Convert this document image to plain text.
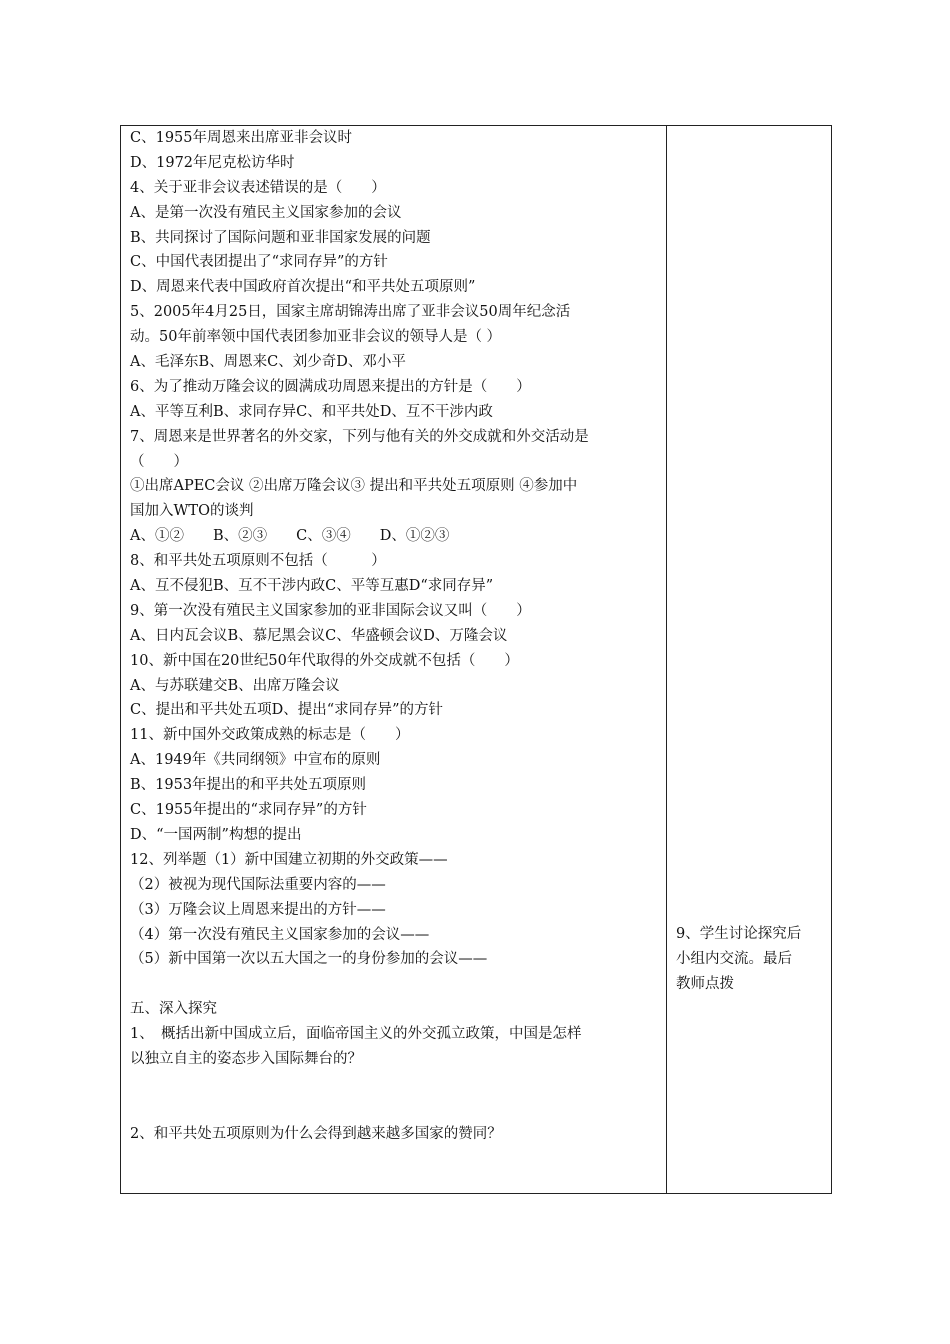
C、1955年周恩来出席亚非会议时
D、1972年尼克松访华时
4、关于亚非会议表述错误的是（　　）
A、是第一次没有殖民主义国家参加的会议
B、共同探讨了国际问题和亚非国家发展的问题
C、中国代表团提出了“求同存异”的方针
D、周恩来代表中国政府首次提出“和平共处五项原则”
5、2005年4月25日，国家主席胡锦涛出席了亚非会议50周年纪念活
动。50年前率领中国代表团参加亚非会议的领导人是（ ）
A、毛泽东B、周恩来C、刘少奇D、邓小平
6、为了推动万隆会议的圆满成功周恩来提出的方针是（　　）
A、平等互利B、求同存异C、和平共处D、互不干涉内政
7、周恩来是世界著名的外交家，下列与他有关的外交成就和外交活动是
（　　）
①出席APEC会议 ②出席万隆会议③ 提出和平共处五项原则 ④参加中
国加入WTO的谈判
A、①②　　B、②③　　C、③④　　D、①②③
8、和平共处五项原则不包括（　　　）
A、互不侵犯B、互不干涉内政C、平等互惠D“求同存异”
9、第一次没有殖民主义国家参加的亚非国际会议又叫（　　）
A、日内瓦会议B、慕尼黑会议C、华盛顿会议D、万隆会议
10、新中国在20世纪50年代取得的外交成就不包括（　　）
A、与苏联建交B、出席万隆会议
C、提出和平共处五项D、提出“求同存异”的方针
11、新中国外交政策成熟的标志是（　　）
A、1949年《共同纲领》中宣布的原则
B、1953年提出的和平共处五项原则
C、1955年提出的“求同存异”的方针
D、“一国两制”构想的提出
12、列举题（1）新中国建立初期的外交政策——
（2）被视为现代国际法重要内容的——
（3）万隆会议上周恩来提出的方针——
（4）第一次没有殖民主义国家参加的会议——
（5）新中国第一次以五大国之一的身份参加的会议——
五、深入探究
1、　概括出新中国成立后，面临帝国主义的外交孤立政策，中国是怎样
以独立自主的姿态步入国际舞台的？
2、和平共处五项原则为什么会得到越来越多国家的赞同？
9、学生讨论探究后
小组内交流。最后
教师点拨
